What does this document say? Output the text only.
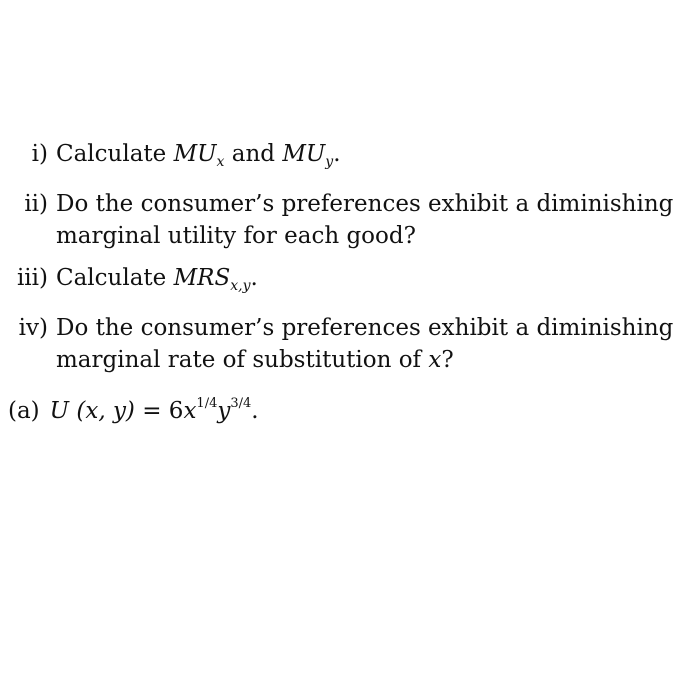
i) Calculate $MU_x$ and $MU_y$.
ii) Do the consumer’s preferences exhibit a diminishing marginal utility for each good?
iii) Calculate $MRS_{x,y}$.
iv) Do the consumer’s preferences exhibit a diminishing marginal rate of substitution of x?
(a) U (x, $y) = 6x^{1/4}y^{3/4}$.
